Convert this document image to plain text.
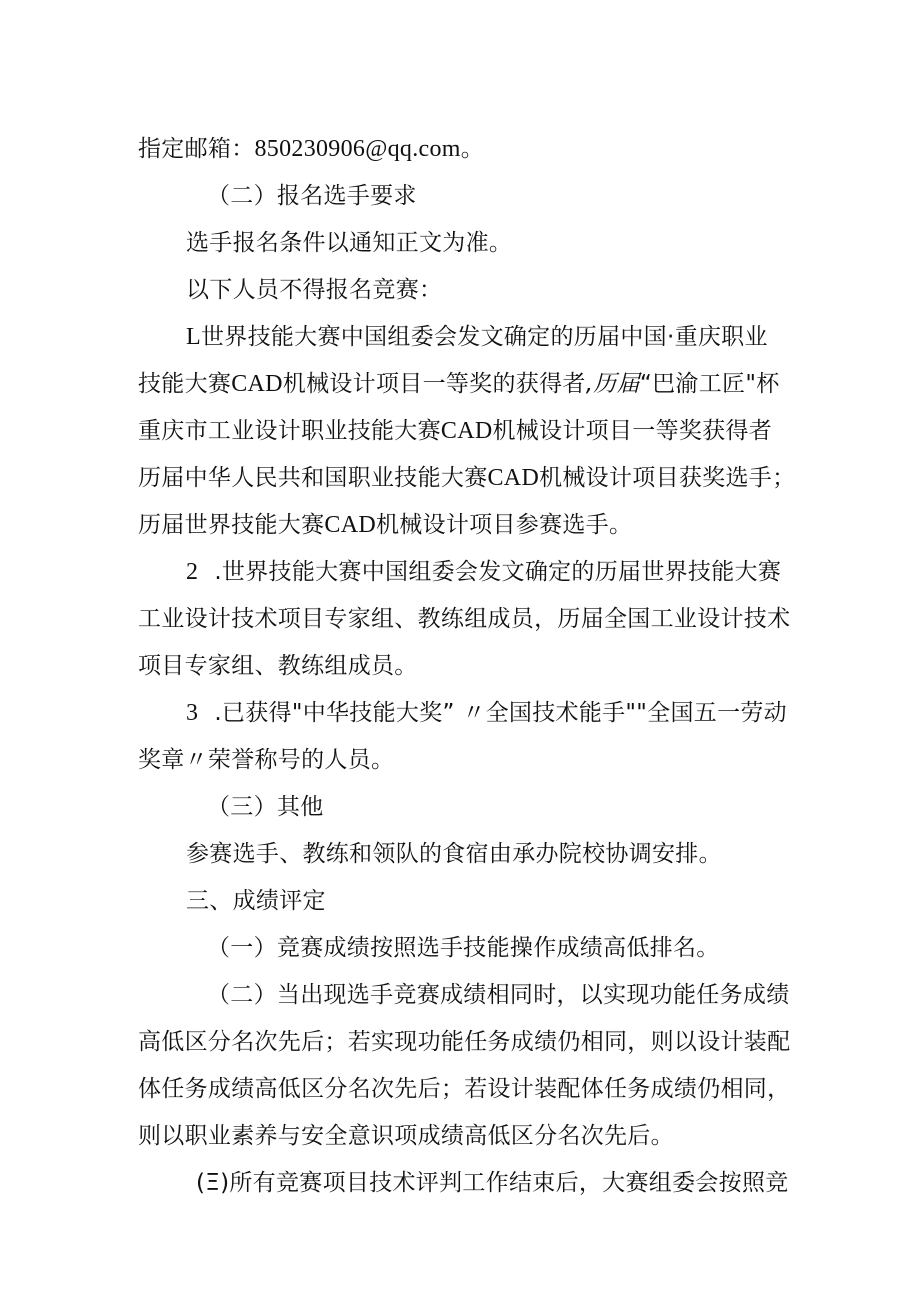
指定邮箱：850230906@qq.com。
（二）报名选手要求
选手报名条件以通知正文为准。
以下人员不得报名竞赛：
L世界技能大赛中国组委会发文确定的历届中国·重庆职业
技能大赛CAD机械设计项目一等奖的获得者,历届“巴渝工匠"杯
重庆市工业设计职业技能大赛CAD机械设计项目一等奖获得者
历届中华人民共和国职业技能大赛CAD机械设计项目获奖选手；
历届世界技能大赛CAD机械设计项目参赛选手。
2 .世界技能大赛中国组委会发文确定的历届世界技能大赛
工业设计技术项目专家组、教练组成员，历届全国工业设计技术
项目专家组、教练组成员。
3 .已获得"中华技能大奖” 〃全国技术能手""全国五一劳动
奖章〃荣誉称号的人员。
（三）其他
参赛选手、教练和领队的食宿由承办院校协调安排。
三、成绩评定
（一）竞赛成绩按照选手技能操作成绩高低排名。
（二）当出现选手竞赛成绩相同时，以实现功能任务成绩
高低区分名次先后；若实现功能任务成绩仍相同，则以设计装配
体任务成绩高低区分名次先后；若设计装配体任务成绩仍相同，
则以职业素养与安全意识项成绩高低区分名次先后。
(Ξ)所有竞赛项目技术评判工作结束后，大赛组委会按照竞
